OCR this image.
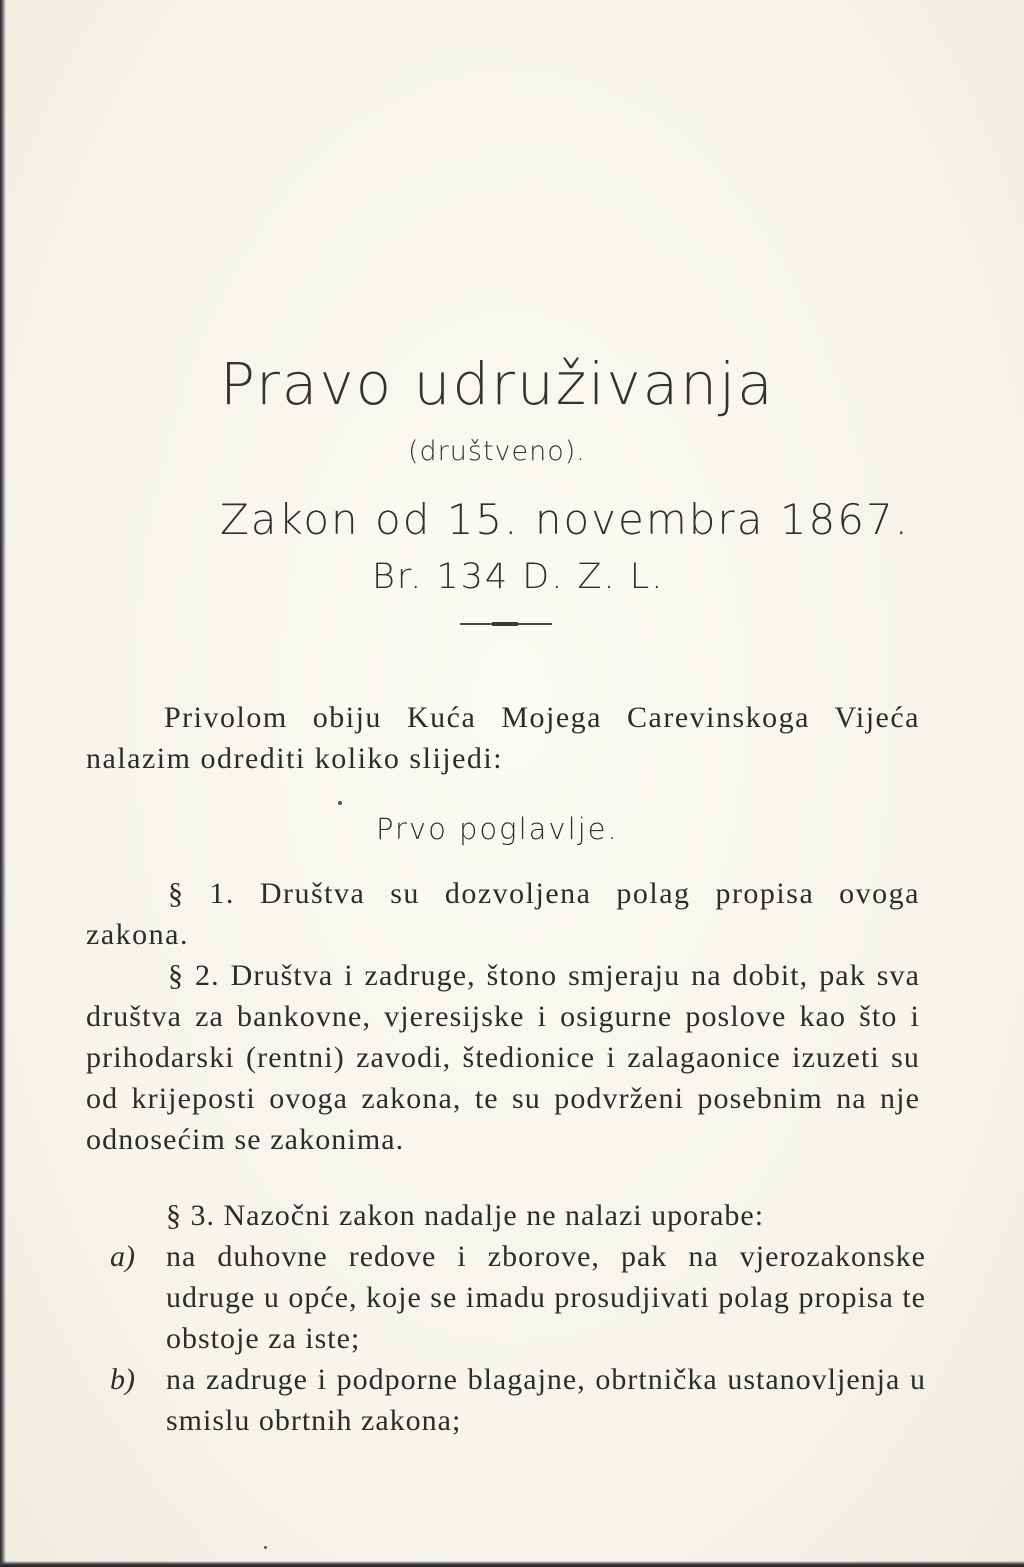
Pravo udruživanja
(društveno).
Zakon od 15. novembra 1867.
Br. 134 D. Z. L.
Privolom obiju Kuća Mojega Carevinskoga Vijeća nalazim odrediti koliko slijedi:
Prvo poglavlje.
§ 1. Društva su dozvoljena polag propisa ovoga zakona.
§ 2. Društva i zadruge, štono smjeraju na dobit, pak sva društva za bankovne, vjeresijske i osigurne poslove kao što i prihodarski (rentni) zavodi, štedionice i zalagaonice izuzeti su od krijeposti ovoga zakona, te su podvrženi posebnim na nje odnosećim se zakonima.
§ 3. Nazočni zakon nadalje ne nalazi uporabe:
a) na duhovne redove i zborove, pak na vjerozakonske udruge u opće, koje se imadu prosudjivati polag propisa te obstoje za iste;
b) na zadruge i podporne blagajne, obrtnička ustanovljenja u smislu obrtnih zakona;
